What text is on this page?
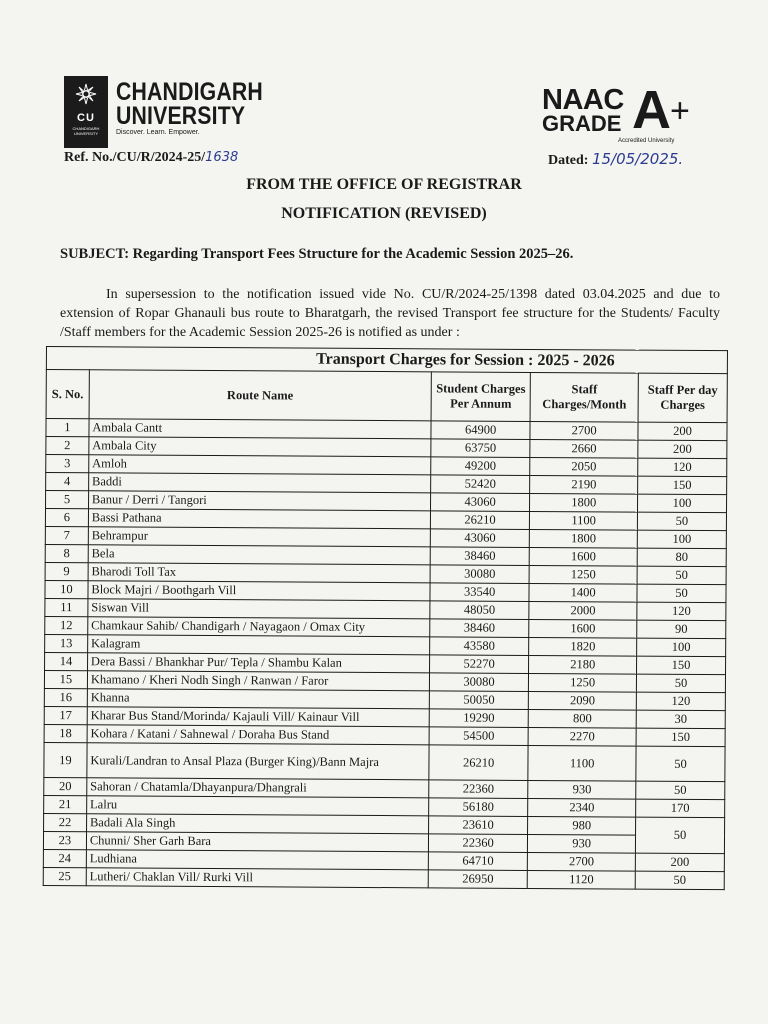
CU
CHANDIGARH UNIVERSITY
CHANDIGARH
UNIVERSITY
Discover. Learn. Empower.
NAAC
GRADE A +
Accredited University
Ref. No./CU/R/2024-25/1638	Dated: 15/05/2025.
FROM THE OFFICE OF REGISTRAR
NOTIFICATION (REVISED)
SUBJECT: Regarding Transport Fees Structure for the Academic Session 2025–26.
In supersession to the notification issued vide No. CU/R/2024-25/1398 dated 03.04.2025 and due to extension of Ropar Ghanauli bus route to Bharatgarh, the revised Transport fee structure for the Students/ Faculty /Staff members for the Academic Session 2025-26 is notified as under :
Transport Charges for Session : 2025 - 2026				
S. No.	Route Name	Student Charges Per Annum	Staff Charges/Month	Staff Per day Charges
1	Ambala Cantt	64900	2700	200
2	Ambala City	63750	2660	200
3	Amloh	49200	2050	120
4	Baddi	52420	2190	150
5	Banur / Derri / Tangori	43060	1800	100
6	Bassi Pathana	26210	1100	50
7	Behrampur	43060	1800	100
8	Bela	38460	1600	80
9	Bharodi Toll Tax	30080	1250	50
10	Block Majri / Boothgarh Vill	33540	1400	50
11	Siswan Vill	48050	2000	120
12	Chamkaur Sahib/ Chandigarh / Nayagaon / Omax City	38460	1600	90
13	Kalagram	43580	1820	100
14	Dera Bassi / Bhankhar Pur/ Tepla / Shambu Kalan	52270	2180	150
15	Khamano / Kheri Nodh Singh / Ranwan / Faror	30080	1250	50
16	Khanna	50050	2090	120
17	Kharar Bus Stand/Morinda/ Kajauli Vill/ Kainaur Vill	19290	800	30
18	Kohara / Katani / Sahnewal / Doraha Bus Stand	54500	2270	150
19	Kurali/Landran to Ansal Plaza (Burger King)/Bann Majra	26210	1100	50
20	Sahoran / Chatamla/Dhayanpura/Dhangrali	22360	930	50
21	Lalru	56180	2340	170
22	Badali Ala Singh	23610	980	50
23	Chunni/ Sher Garh Bara	22360	930	
24	Ludhiana	64710	2700	200
25	Lutheri/ Chaklan Vill/ Rurki Vill	26950	1120	50
